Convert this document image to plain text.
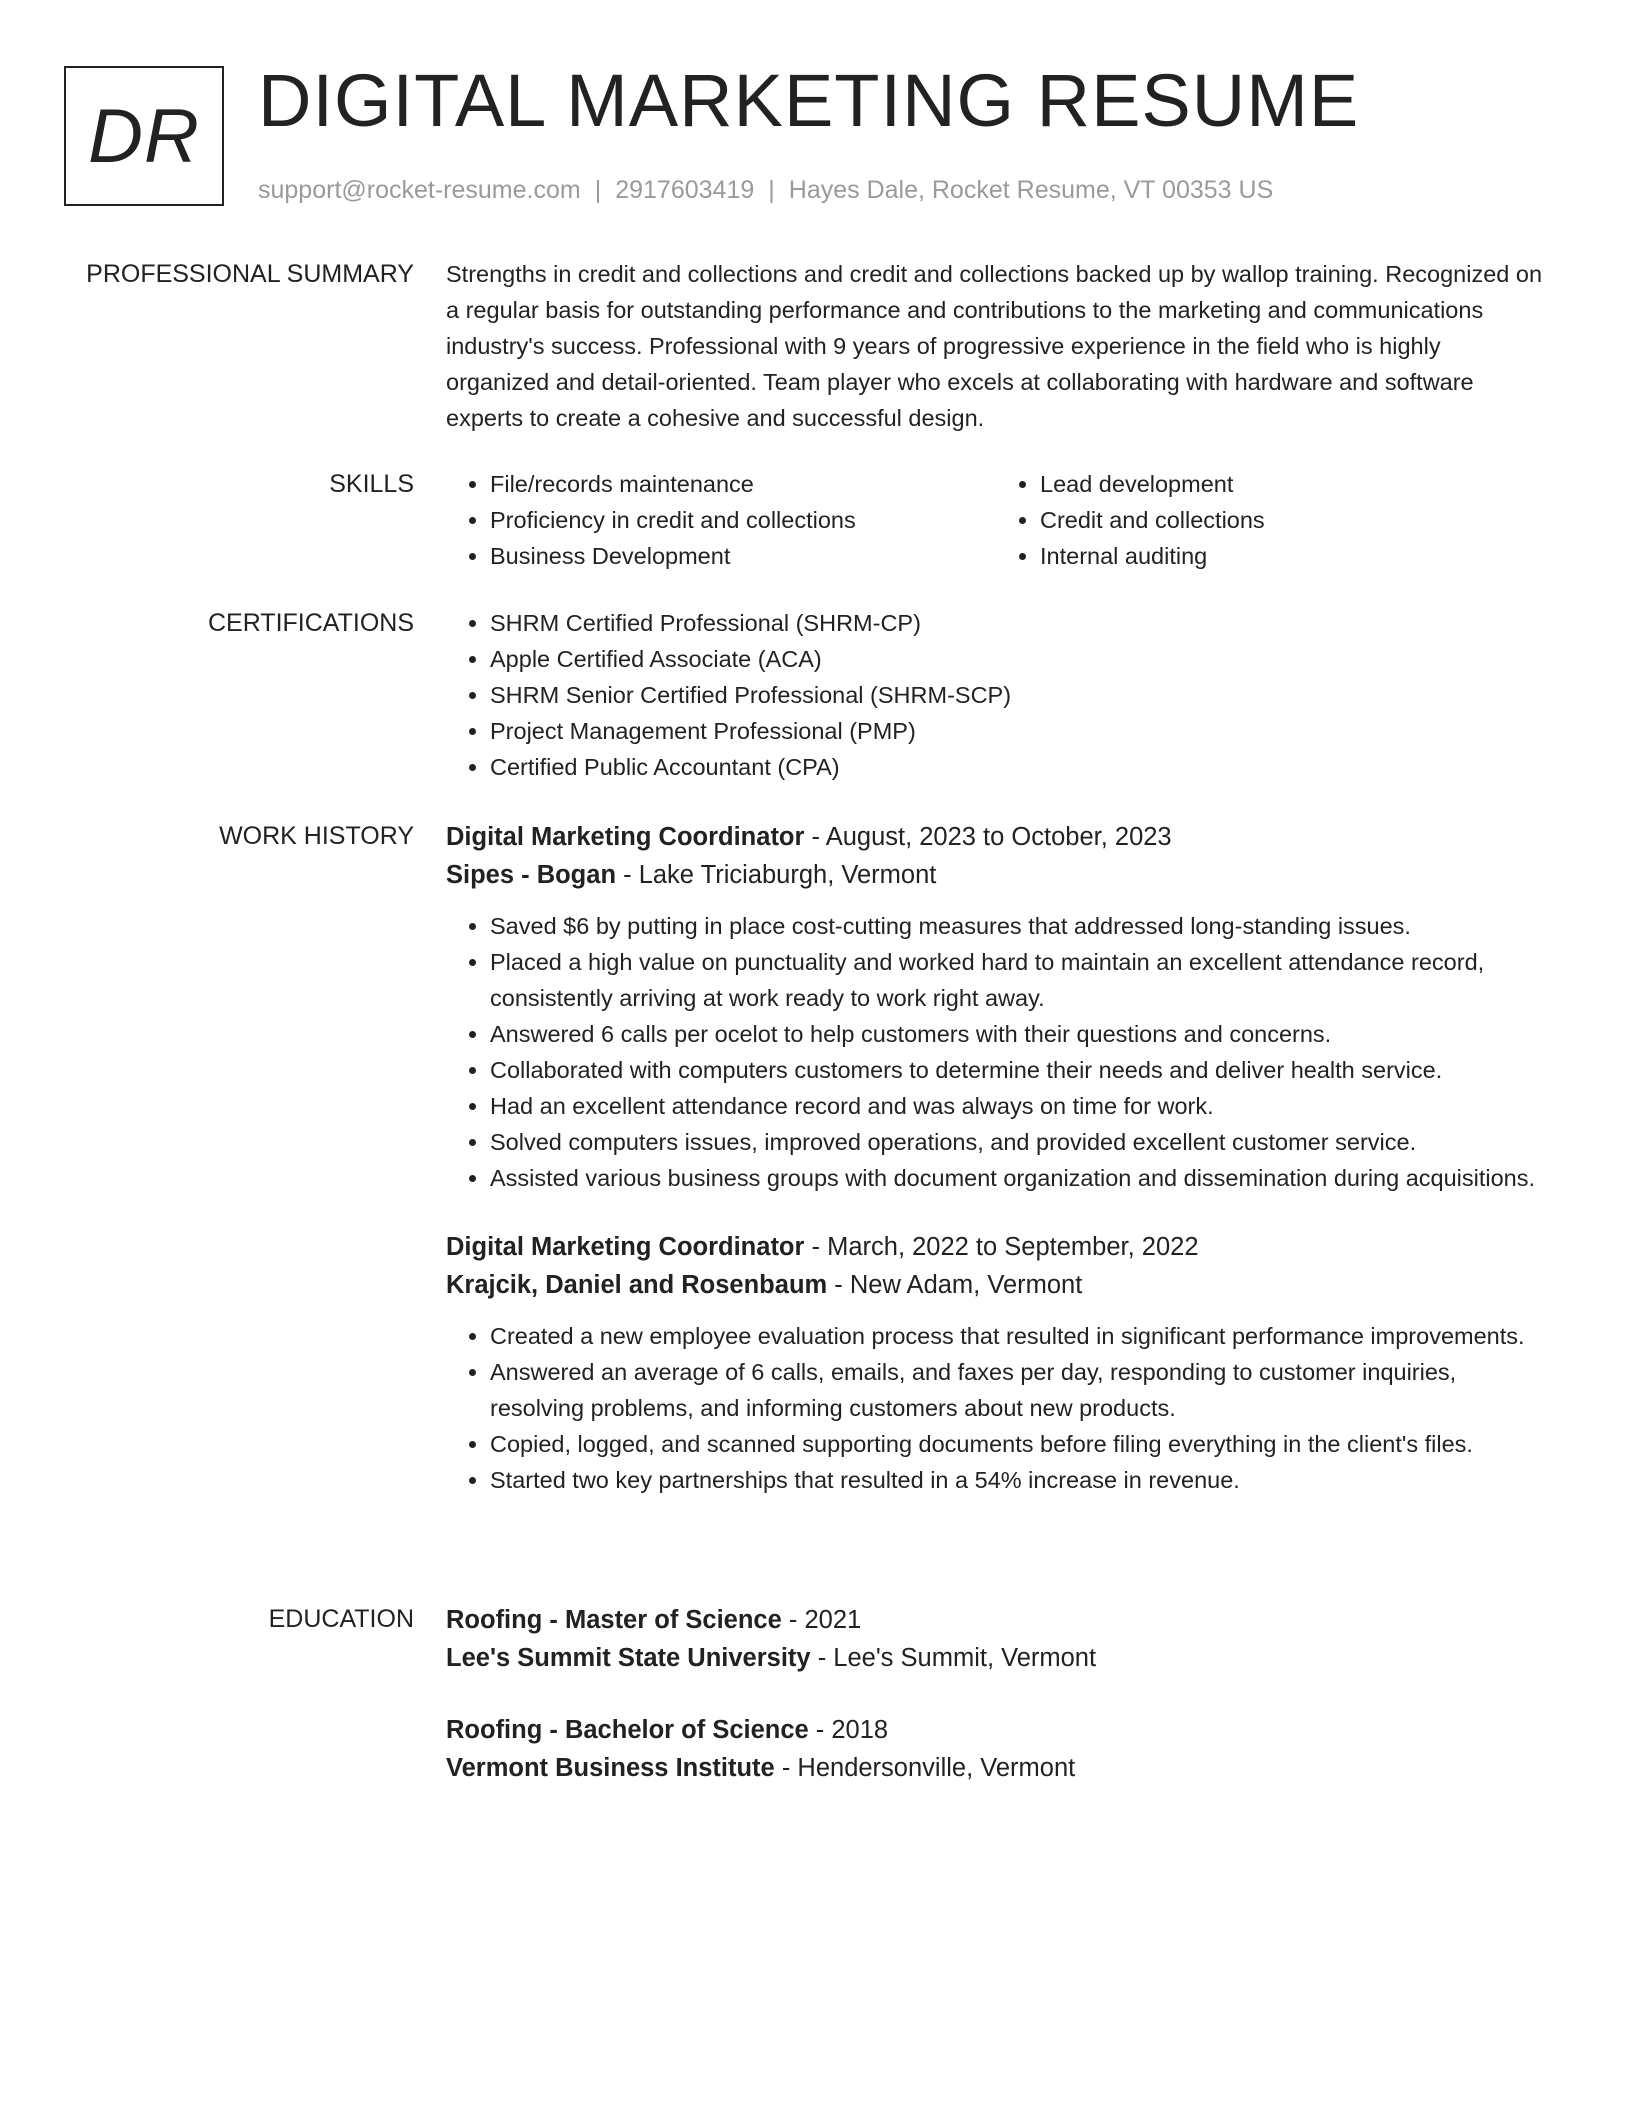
DR DIGITAL MARKETING RESUME
support@rocket-resume.com | 2917603419 | Hayes Dale, Rocket Resume, VT 00353 US
PROFESSIONAL SUMMARY Strengths in credit and collections and credit and collections backed up by wallop training. Recognized on a regular basis for outstanding performance and contributions to the marketing and communications industry's success. Professional with 9 years of progressive experience in the field who is highly organized and detail-oriented. Team player who excels at collaborating with hardware and software experts to create a cohesive and successful design.

SKILLS	• File/records maintenance
• Proficiency in credit and collections
• Business Development
• Lead development
• Credit and collections
• Internal auditing
CERTIFICATIONS	• SHRM Certified Professional (SHRM-CP)
• Apple Certified Associate (ACA)
• SHRM Senior Certified Professional (SHRM-SCP)
• Project Management Professional (PMP)
• Certified Public Accountant (CPA)
WORK HISTORY Digital Marketing Coordinator - August, 2023 to October, 2023
Sipes - Bogan - Lake Triciaburgh, Vermont
• Saved $6 by putting in place cost-cutting measures that addressed long-standing issues.
• Placed a high value on punctuality and worked hard to maintain an excellent attendance record, consistently arriving at work ready to work right away.
• Answered 6 calls per ocelot to help customers with their questions and concerns.
• Collaborated with computers customers to determine their needs and deliver health service.
• Had an excellent attendance record and was always on time for work.
• Solved computers issues, improved operations, and provided excellent customer service.
• Assisted various business groups with document organization and dissemination during acquisitions.
Digital Marketing Coordinator - March, 2022 to September, 2022
Krajcik, Daniel and Rosenbaum - New Adam, Vermont
• Created a new employee evaluation process that resulted in significant performance improvements.
• Answered an average of 6 calls, emails, and faxes per day, responding to customer inquiries, resolving problems, and informing customers about new products.
• Copied, logged, and scanned supporting documents before filing everything in the client's files.
• Started two key partnerships that resulted in a 54% increase in revenue.
EDUCATION Roofing - Master of Science - 2021
Lee's Summit State University - Lee's Summit, Vermont
Roofing - Bachelor of Science - 2018
Vermont Business Institute - Hendersonville, Vermont
